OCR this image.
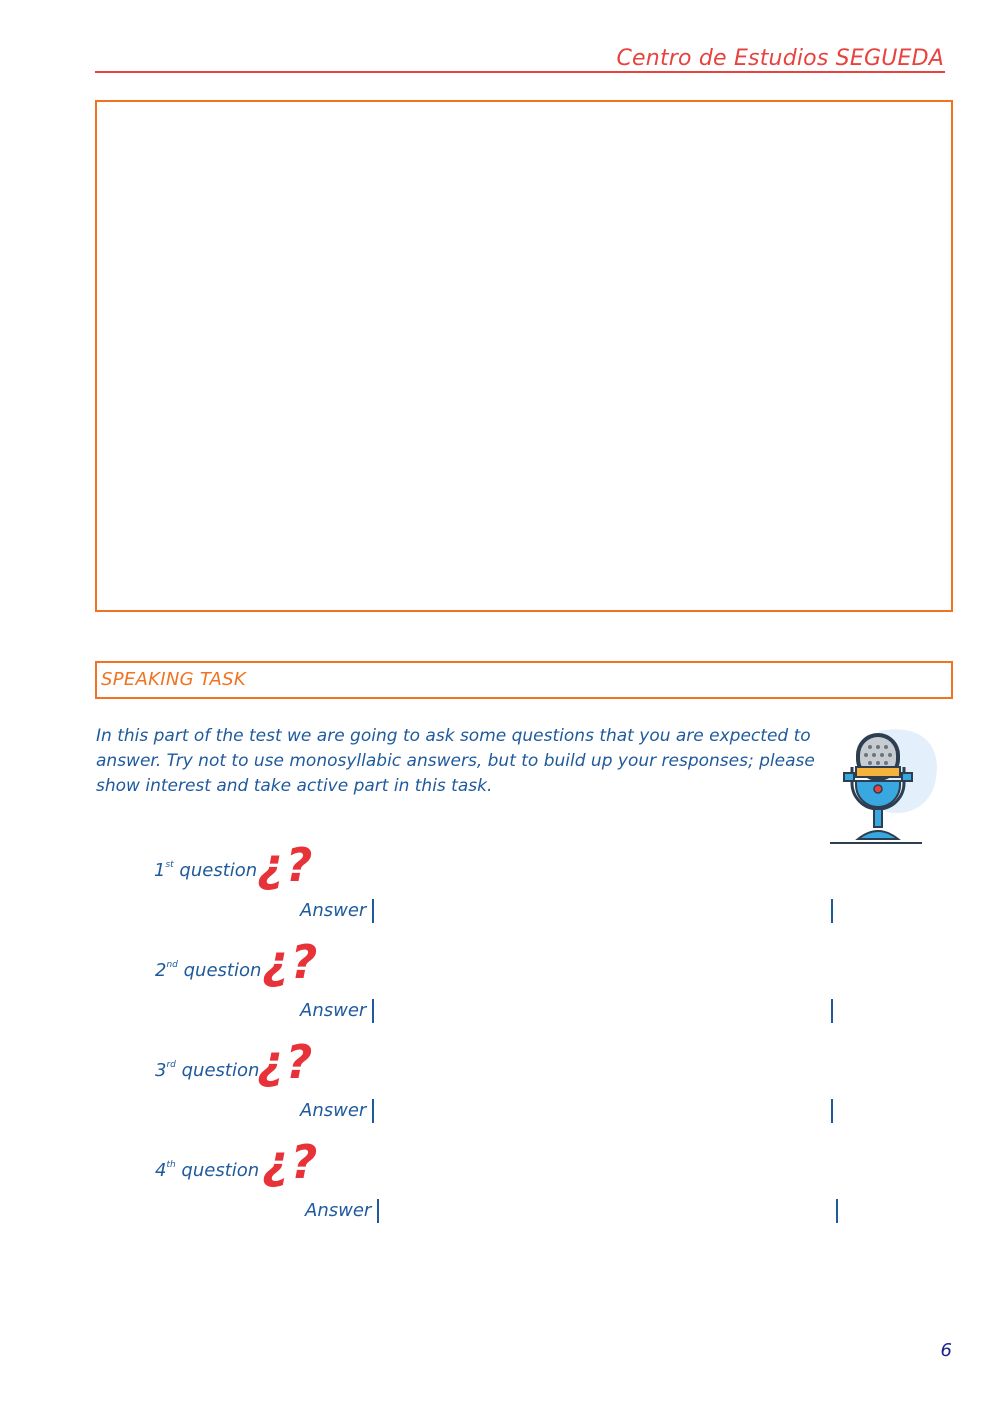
Centro de Estudios SEGUEDA
SPEAKING TASK

In this part of the test we are going to ask some questions that you are expected to answer. Try not to use monosyllabic answers, but to build up your responses; please show interest and take active part in this task.

1st question ¿?
Answer
2nd question ¿?
Answer
3rd question
¿?
Answer
4th question ¿?
Answer
6
